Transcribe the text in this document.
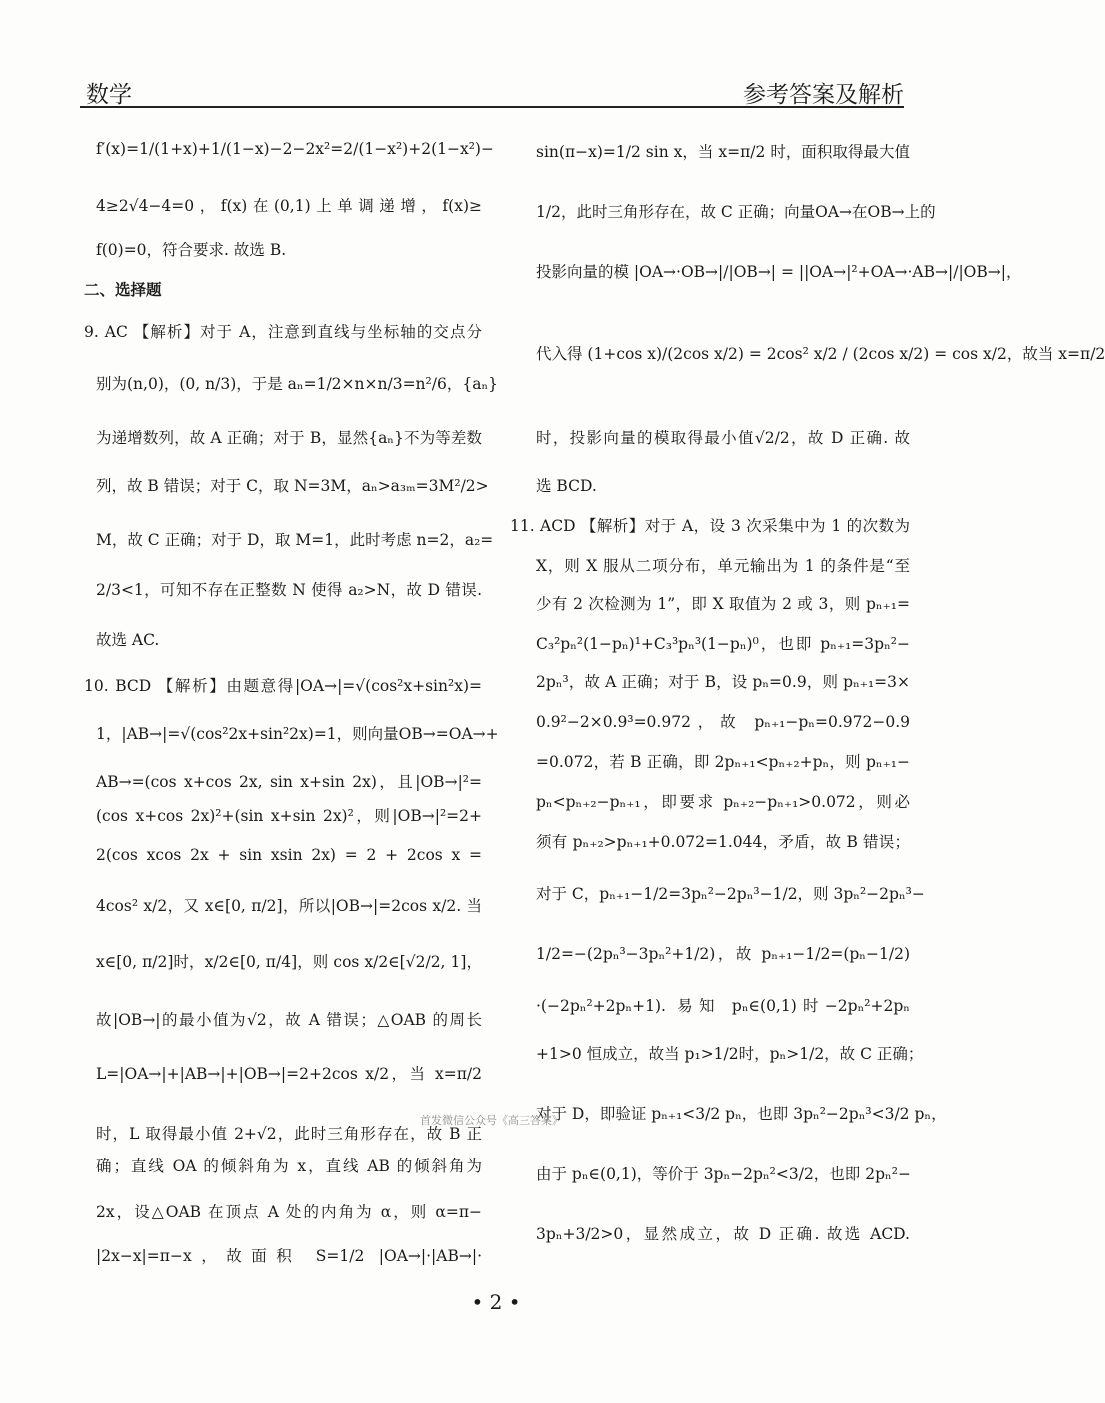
数学	参考答案及解析
f′(x)=1/(1+x)+1/(1−x)−2−2x²=2/(1−x²)+2(1−x²)−
4≥2√4−4=0，f(x)在(0,1)上单调递增，f(x)≥
f(0)=0，符合要求. 故选 B.
二、选择题
9. AC 【解析】对于 A，注意到直线与坐标轴的交点分
别为(n,0)，(0, n/3)，于是 aₙ=1/2×n×n/3=n²/6，{aₙ}
为递增数列，故 A 正确；对于 B，显然{aₙ}不为等差数
列，故 B 错误；对于 C，取 N=3M，aₙ>a₃ₘ=3M²/2>
M，故 C 正确；对于 D，取 M=1，此时考虑 n=2，a₂=
2/3<1，可知不存在正整数 N 使得 a₂>N，故 D 错误.
故选 AC.
10. BCD 【解析】由题意得|OA→|=√(cos²x+sin²x)=
1，|AB→|=√(cos²2x+sin²2x)=1，则向量OB→=OA→+
AB→=(cos x+cos 2x, sin x+sin 2x)，且|OB→|²=
(cos x+cos 2x)²+(sin x+sin 2x)²，则|OB→|²=2+
2(cos xcos 2x + sin xsin 2x) = 2 + 2cos x =
4cos² x/2，又 x∈[0, π/2]，所以|OB→|=2cos x/2. 当
x∈[0, π/2]时，x/2∈[0, π/4]，则 cos x/2∈[√2/2, 1]，
故|OB→|的最小值为√2，故 A 错误；△OAB 的周长
L=|OA→|+|AB→|+|OB→|=2+2cos x/2，当 x=π/2
时，L 取得最小值 2+√2，此时三角形存在，故 B 正
确；直线 OA 的倾斜角为 x，直线 AB 的倾斜角为
2x，设△OAB 在顶点 A 处的内角为 α，则 α=π−
|2x−x|=π−x，故面积 S=1/2 |OA→|·|AB→|·
sin(π−x)=1/2 sin x，当 x=π/2 时，面积取得最大值
1/2，此时三角形存在，故 C 正确；向量OA→在OB→上的
投影向量的模 |OA→·OB→|/|OB→| = ||OA→|²+OA→·AB→|/|OB→|，
代入得 (1+cos x)/(2cos x/2) = 2cos² x/2 / (2cos x/2) = cos x/2，故当 x=π/2
时，投影向量的模取得最小值√2/2，故 D 正确. 故
选 BCD.
11. ACD 【解析】对于 A，设 3 次采集中为 1 的次数为
X，则 X 服从二项分布，单元输出为 1 的条件是“至
少有 2 次检测为 1”，即 X 取值为 2 或 3，则 pₙ₊₁=
C₃²pₙ²(1−pₙ)¹+C₃³pₙ³(1−pₙ)⁰，也即 pₙ₊₁=3pₙ²−
2pₙ³，故 A 正确；对于 B，设 pₙ=0.9，则 pₙ₊₁=3×
0.9²−2×0.9³=0.972，故 pₙ₊₁−pₙ=0.972−0.9
=0.072，若 B 正确，即 2pₙ₊₁<pₙ₊₂+pₙ，则 pₙ₊₁−
pₙ<pₙ₊₂−pₙ₊₁，即要求 pₙ₊₂−pₙ₊₁>0.072，则必
须有 pₙ₊₂>pₙ₊₁+0.072=1.044，矛盾，故 B 错误；
对于 C，pₙ₊₁−1/2=3pₙ²−2pₙ³−1/2，则 3pₙ²−2pₙ³−
1/2=−(2pₙ³−3pₙ²+1/2)，故 pₙ₊₁−1/2=(pₙ−1/2)
·(−2pₙ²+2pₙ+1). 易知 pₙ∈(0,1)时−2pₙ²+2pₙ
+1>0 恒成立，故当 p₁>1/2时，pₙ>1/2，故 C 正确；
对于 D，即验证 pₙ₊₁<3/2 pₙ，也即 3pₙ²−2pₙ³<3/2 pₙ，
由于 pₙ∈(0,1)，等价于 3pₙ−2pₙ²<3/2，也即 2pₙ²−
3pₙ+3/2>0，显然成立，故 D 正确. 故选 ACD.
首发微信公众号《高三答案》
• 2 •
